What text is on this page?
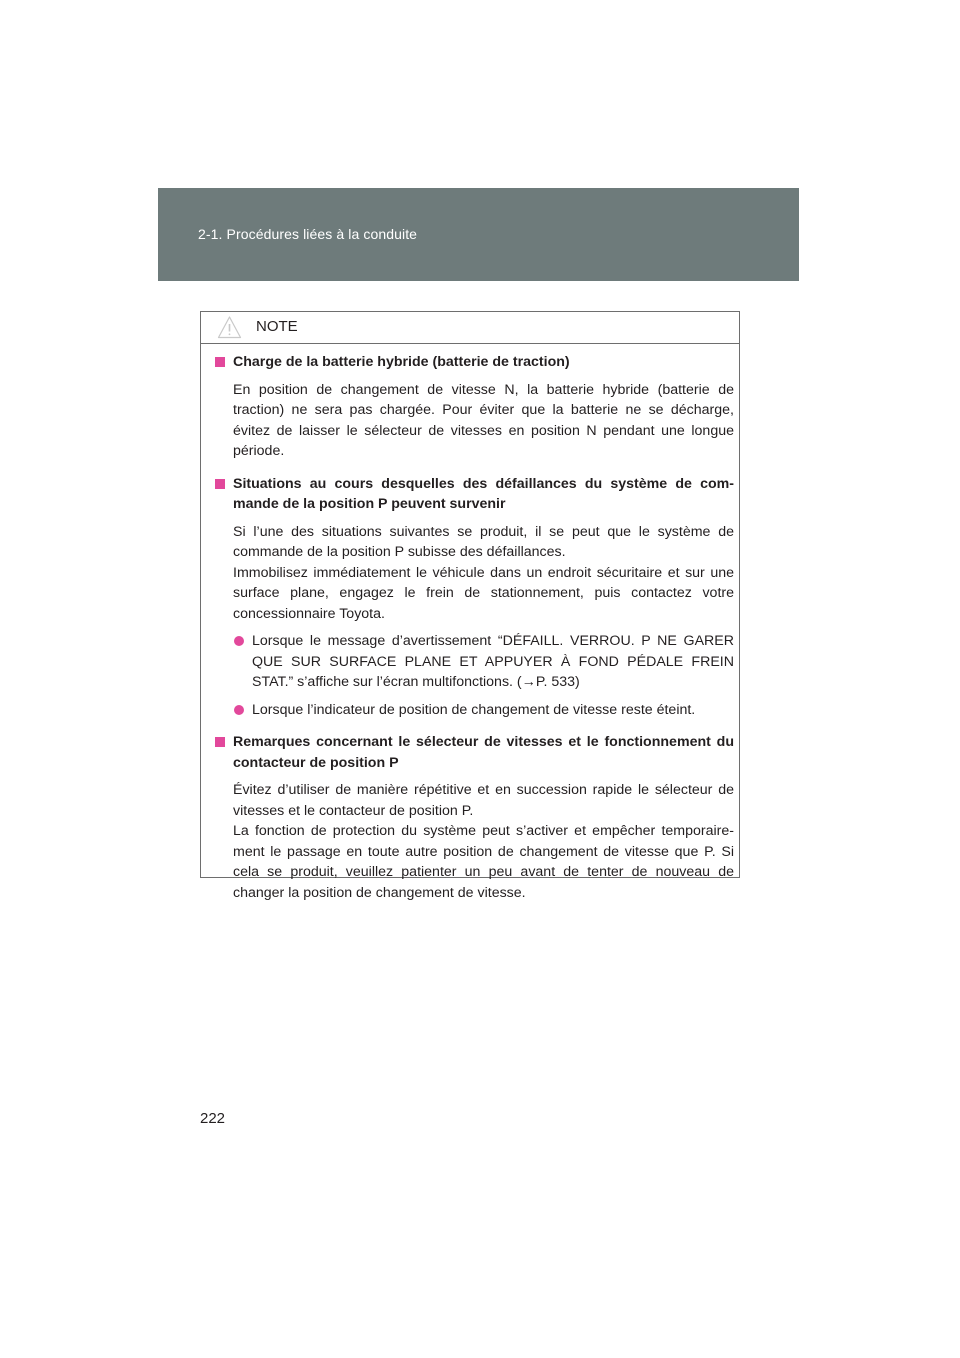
2-1. Procédures liées à la conduite
NOTE
Charge de la batterie hybride (batterie de traction)
En position de changement de vitesse N, la batterie hybride (batterie de traction) ne sera pas chargée. Pour éviter que la batterie ne se décharge, évitez de laisser le sélecteur de vitesses en position N pendant une longue période.
Situations au cours desquelles des défaillances du système de commande de la position P peuvent survenir
Si l’une des situations suivantes se produit, il se peut que le système de commande de la position P subisse des défaillances.
Immobilisez immédiatement le véhicule dans un endroit sécuritaire et sur une surface plane, engagez le frein de stationnement, puis contactez votre concessionnaire Toyota.
Lorsque le message d’avertissement “DÉFAILL. VERROU. P NE GARER QUE SUR SURFACE PLANE ET APPUYER À FOND PÉDALE FREIN STAT.” s’affiche sur l’écran multifonctions. (→P. 533)
Lorsque l’indicateur de position de changement de vitesse reste éteint.
Remarques concernant le sélecteur de vitesses et le fonctionnement du contacteur de position P
Évitez d’utiliser de manière répétitive et en succession rapide le sélecteur de vitesses et le contacteur de position P.
La fonction de protection du système peut s’activer et empêcher temporairement le passage en toute autre position de changement de vitesse que P. Si cela se produit, veuillez patienter un peu avant de tenter de nouveau de changer la position de changement de vitesse.
222
